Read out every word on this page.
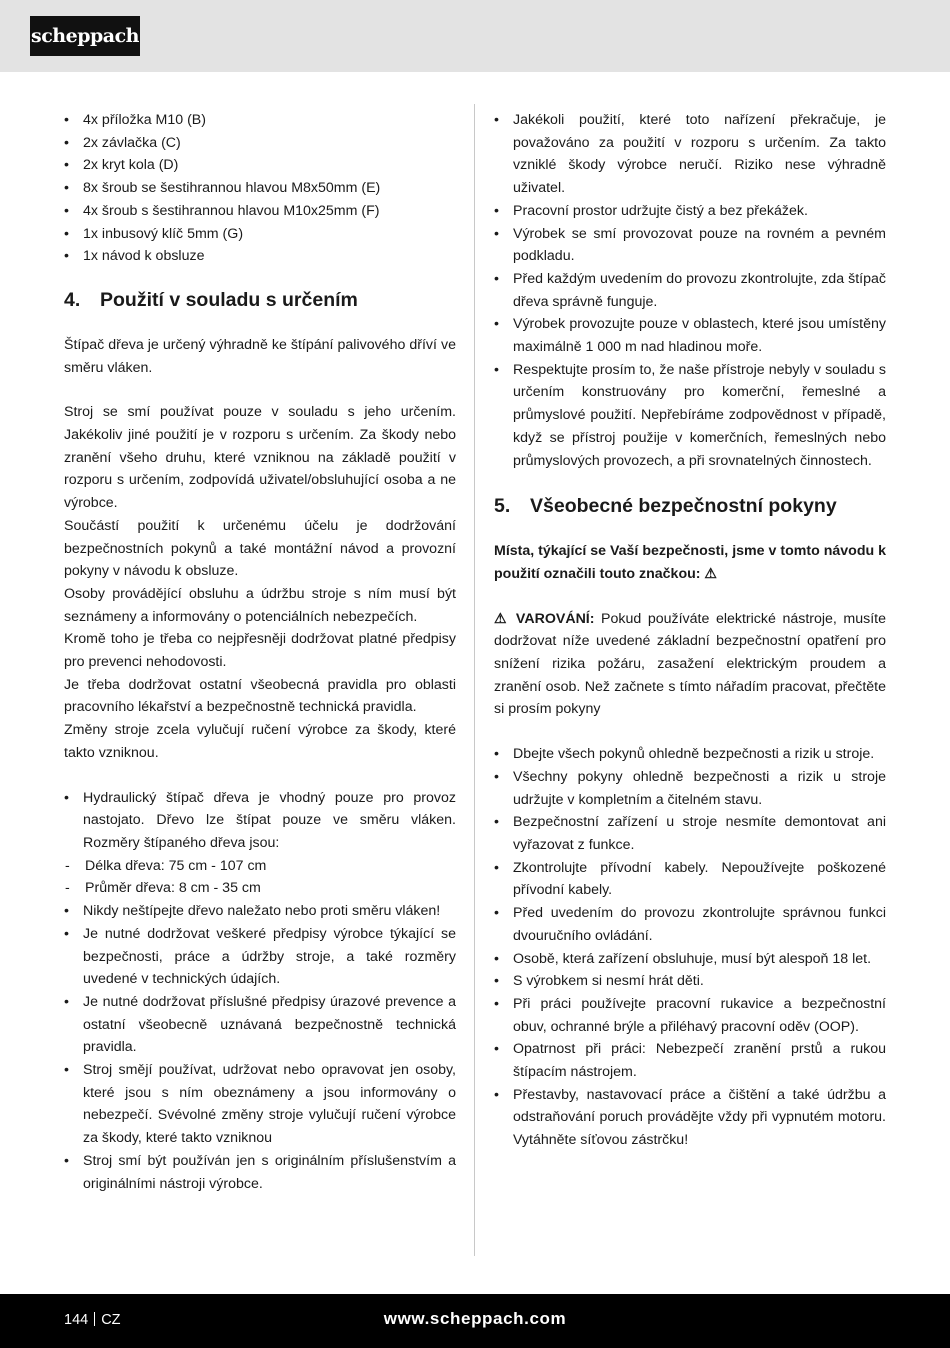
scheppach
• 4x příložka M10 (B)
• 2x závlačka (C)
• 2x kryt kola (D)
• 8x šroub se šestihrannou hlavou M8x50mm (E)
• 4x šroub s šestihrannou hlavou M10x25mm (F)
• 1x inbusový klíč 5mm (G)
• 1x návod k obsluze
4. Použití v souladu s určením

Štípač dřeva je určený výhradně ke štípání palivového dříví ve směru vláken.

Stroj se smí používat pouze v souladu s jeho určením. Jakékoliv jiné použití je v rozporu s určením. Za škody nebo zranění všeho druhu, které vzniknou na základě použití v rozporu s určením, zodpovídá uživatel/obsluhující osoba a ne výrobce.

Součástí použití k určenému účelu je dodržování bezpečnostních pokynů a také montážní návod a provozní pokyny v návodu k obsluze.

Osoby provádějící obsluhu a údržbu stroje s ním musí být seznámeny a informovány o potenciálních nebezpečích.

Kromě toho je třeba co nejpřesněji dodržovat platné předpisy pro prevenci nehodovosti.

Je třeba dodržovat ostatní všeobecná pravidla pro oblasti pracovního lékařství a bezpečnostně technická pravidla.

Změny stroje zcela vylučují ručení výrobce za škody, které takto vzniknou.

• Hydraulický štípač dřeva je vhodný pouze pro provoz nastojato. Dřevo lze štípat pouze ve směru vláken. Rozměry štípaného dřeva jsou:
- Délka dřeva: 75 cm - 107 cm
- Průměr dřeva: 8 cm - 35 cm
• Nikdy neštípejte dřevo naležato nebo proti směru vláken!
• Je nutné dodržovat veškeré předpisy výrobce týkající se bezpečnosti, práce a údržby stroje, a také rozměry uvedené v technických údajích.
• Je nutné dodržovat příslušné předpisy úrazové prevence a ostatní všeobecně uznávaná bezpečnostně technická pravidla.
• Stroj smějí používat, udržovat nebo opravovat jen osoby, které jsou s ním obeznámeny a jsou informovány o nebezpečí. Svévolné změny stroje vylučují ručení výrobce za škody, které takto vzniknou
• Stroj smí být používán jen s originálním příslušenstvím a originálními nástroji výrobce.
• Jakékoli použití, které toto nařízení překračuje, je považováno za použití v rozporu s určením. Za takto vzniklé škody výrobce neručí. Riziko nese výhradně uživatel.
• Pracovní prostor udržujte čistý a bez překážek.
• Výrobek se smí provozovat pouze na rovném a pevném podkladu.
• Před každým uvedením do provozu zkontrolujte, zda štípač dřeva správně funguje.
• Výrobek provozujte pouze v oblastech, které jsou umístěny maximálně 1 000 m nad hladinou moře.
• Respektujte prosím to, že naše přístroje nebyly v souladu s určením konstruovány pro komerční, řemeslné a průmyslové použití. Nepřebíráme zodpovědnost v případě, když se přístroj použije v komerčních, řemeslných nebo průmyslových provozech, a při srovnatelných činnostech.
5. Všeobecné bezpečnostní pokyny

Místa, týkající se Vaší bezpečnosti, jsme v tomto návodu k použití označili touto značkou: ⚠

⚠ VAROVÁNÍ: Pokud používáte elektrické nástroje, musíte dodržovat níže uvedené základní bezpečnostní opatření pro snížení rizika požáru, zasažení elektrickým proudem a zranění osob. Než začnete s tímto nářadím pracovat, přečtěte si prosím pokyny

• Dbejte všech pokynů ohledně bezpečnosti a rizik u stroje.
• Všechny pokyny ohledně bezpečnosti a rizik u stroje udržujte v kompletním a čitelném stavu.
• Bezpečnostní zařízení u stroje nesmíte demontovat ani vyřazovat z funkce.
• Zkontrolujte přívodní kabely. Nepoužívejte poškozené přívodní kabely.
• Před uvedením do provozu zkontrolujte správnou funkci dvouručního ovládání.
• Osobě, která zařízení obsluhuje, musí být alespoň 18 let.
• S výrobkem si nesmí hrát děti.
• Při práci používejte pracovní rukavice a bezpečnostní obuv, ochranné brýle a přiléhavý pracovní oděv (OOP).
• Opatrnost při práci: Nebezpečí zranění prstů a rukou štípacím nástrojem.
• Přestavby, nastavovací práce a čištění a také údržbu a odstraňování poruch provádějte vždy při vypnutém motoru. Vytáhněte síťovou zástrčku!
144 CZ	www.scheppach.com
